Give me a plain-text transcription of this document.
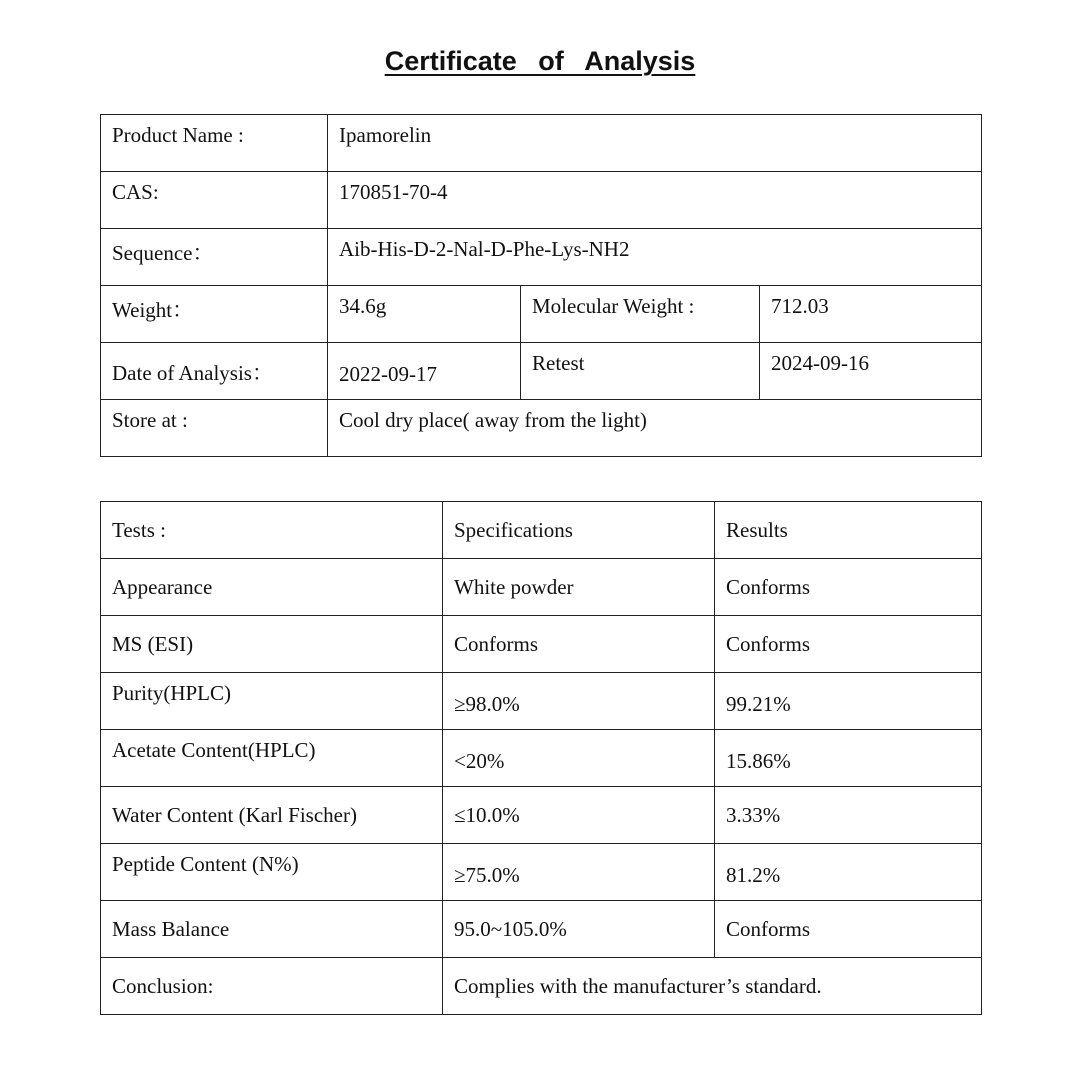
Certificate of Analysis
Product Name :	Ipamorelin		
CAS:	170851-70-4		
Sequence：	Aib-His-D-2-Nal-D-Phe-Lys-NH2		
Weight：	34.6g	Molecular Weight :	712.03
Date of Analysis：	2022-09-17	Retest	2024-09-16
Store at :	Cool dry place( away from the light)		
Tests :	Specifications	Results
Appearance	White powder	Conforms
MS (ESI)	Conforms	Conforms
Purity(HPLC)	≥98.0%	99.21%
Acetate Content(HPLC)	<20%	15.86%
Water Content (Karl Fischer)	≤10.0%	3.33%
Peptide Content (N%)	≥75.0%	81.2%
Mass Balance	95.0~105.0%	Conforms
Conclusion:	Complies with the manufacturer’s standard.	
